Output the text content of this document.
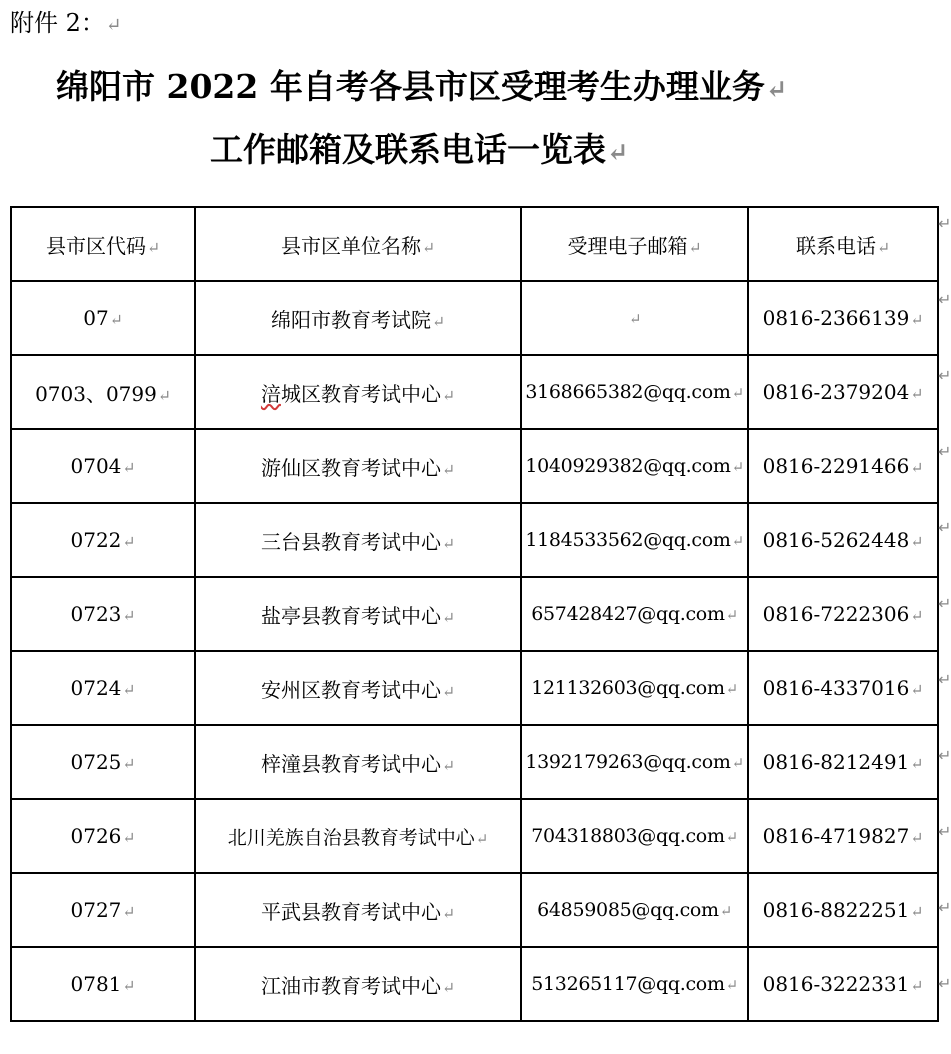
附件 2：↵
绵阳市 2022 年自考各县市区受理考生办理业务↵
工作邮箱及联系电话一览表↵
县市区代码↵	县市区单位名称↵	受理电子邮箱↵	联系电话↵
07↵	绵阳市教育考试院↵	↵	0816-2366139↵
0703、0799↵	涪城区教育考试中心↵	3168665382@qq.com↵	0816-2379204↵
0704↵	游仙区教育考试中心↵	1040929382@qq.com↵	0816-2291466↵
0722↵	三台县教育考试中心↵	1184533562@qq.com↵	0816-5262448↵
0723↵	盐亭县教育考试中心↵	657428427@qq.com↵	0816-7222306↵
0724↵	安州区教育考试中心↵	121132603@qq.com↵	0816-4337016↵
0725↵	梓潼县教育考试中心↵	1392179263@qq.com↵	0816-8212491↵
0726↵	北川羌族自治县教育考试中心↵	704318803@qq.com↵	0816-4719827↵
0727↵	平武县教育考试中心↵	64859085@qq.com↵	0816-8822251↵
0781↵	江油市教育考试中心↵	513265117@qq.com↵	0816-3222331↵
↵
↵
↵
↵
↵
↵
↵
↵
↵
↵
↵
